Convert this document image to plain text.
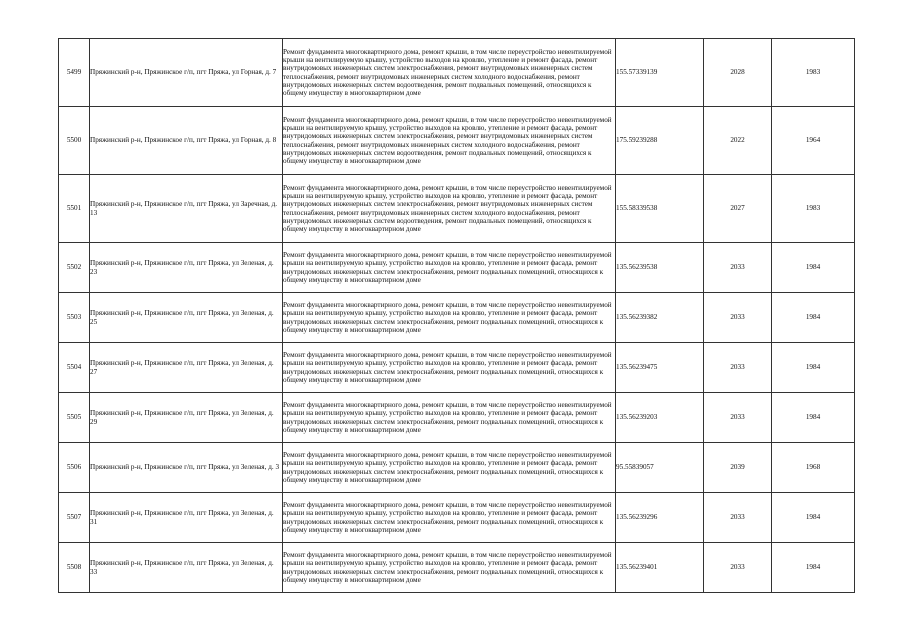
5499	Пряжинский р-н, Пряжинское г/п, пгт Пряжа, ул Горная, д. 7	Ремонт фундамента многоквартирного дома, ремонт крыши, в том числе переустройство невентилируемой крыши на вентилируемую крышу, устройство выходов на кровлю, утепление и ремонт фасада, ремонт внутридомовых инженерных систем электроснабжения, ремонт внутридомовых инженерных систем теплоснабжения, ремонт внутридомовых инженерных систем холодного водоснабжения, ремонт внутридомовых инженерных систем водоотведения, ремонт подвальных помещений, относящихся к общему имуществу в многоквартирном доме	155.57339139	2028	1983
5500	Пряжинский р-н, Пряжинское г/п, пгт Пряжа, ул Горная, д. 8	Ремонт фундамента многоквартирного дома, ремонт крыши, в том числе переустройство невентилируемой крыши на вентилируемую крышу, устройство выходов на кровлю, утепление и ремонт фасада, ремонт внутридомовых инженерных систем электроснабжения, ремонт внутридомовых инженерных систем теплоснабжения, ремонт внутридомовых инженерных систем холодного водоснабжения, ремонт внутридомовых инженерных систем водоотведения, ремонт подвальных помещений, относящихся к общему имуществу в многоквартирном доме	175.59239288	2022	1964
5501	Пряжинский р-н, Пряжинское г/п, пгт Пряжа, ул Заречная, д. 13	Ремонт фундамента многоквартирного дома, ремонт крыши, в том числе переустройство невентилируемой крыши на вентилируемую крышу, устройство выходов на кровлю, утепление и ремонт фасада, ремонт внутридомовых инженерных систем электроснабжения, ремонт внутридомовых инженерных систем теплоснабжения, ремонт внутридомовых инженерных систем холодного водоснабжения, ремонт внутридомовых инженерных систем водоотведения, ремонт подвальных помещений, относящихся к общему имуществу в многоквартирном доме	155.58339538	2027	1983
5502	Пряжинский р-н, Пряжинское г/п, пгт Пряжа, ул Зеленая, д. 23	Ремонт фундамента многоквартирного дома, ремонт крыши, в том числе переустройство невентилируемой крыши на вентилируемую крышу, устройство выходов на кровлю, утепление и ремонт фасада, ремонт внутридомовых инженерных систем электроснабжения, ремонт подвальных помещений, относящихся к общему имуществу в многоквартирном доме	135.56239538	2033	1984
5503	Пряжинский р-н, Пряжинское г/п, пгт Пряжа, ул Зеленая, д. 25	Ремонт фундамента многоквартирного дома, ремонт крыши, в том числе переустройство невентилируемой крыши на вентилируемую крышу, устройство выходов на кровлю, утепление и ремонт фасада, ремонт внутридомовых инженерных систем электроснабжения, ремонт подвальных помещений, относящихся к общему имуществу в многоквартирном доме	135.56239382	2033	1984
5504	Пряжинский р-н, Пряжинское г/п, пгт Пряжа, ул Зеленая, д. 27	Ремонт фундамента многоквартирного дома, ремонт крыши, в том числе переустройство невентилируемой крыши на вентилируемую крышу, устройство выходов на кровлю, утепление и ремонт фасада, ремонт внутридомовых инженерных систем электроснабжения, ремонт подвальных помещений, относящихся к общему имуществу в многоквартирном доме	135.56239475	2033	1984
5505	Пряжинский р-н, Пряжинское г/п, пгт Пряжа, ул Зеленая, д. 29	Ремонт фундамента многоквартирного дома, ремонт крыши, в том числе переустройство невентилируемой крыши на вентилируемую крышу, устройство выходов на кровлю, утепление и ремонт фасада, ремонт внутридомовых инженерных систем электроснабжения, ремонт подвальных помещений, относящихся к общему имуществу в многоквартирном доме	135.56239203	2033	1984
5506	Пряжинский р-н, Пряжинское г/п, пгт Пряжа, ул Зеленая, д. 3	Ремонт фундамента многоквартирного дома, ремонт крыши, в том числе переустройство невентилируемой крыши на вентилируемую крышу, устройство выходов на кровлю, утепление и ремонт фасада, ремонт внутридомовых инженерных систем электроснабжения, ремонт подвальных помещений, относящихся к общему имуществу в многоквартирном доме	95.55839057	2039	1968
5507	Пряжинский р-н, Пряжинское г/п, пгт Пряжа, ул Зеленая, д. 31	Ремонт фундамента многоквартирного дома, ремонт крыши, в том числе переустройство невентилируемой крыши на вентилируемую крышу, устройство выходов на кровлю, утепление и ремонт фасада, ремонт внутридомовых инженерных систем электроснабжения, ремонт подвальных помещений, относящихся к общему имуществу в многоквартирном доме	135.56239296	2033	1984
5508	Пряжинский р-н, Пряжинское г/п, пгт Пряжа, ул Зеленая, д. 33	Ремонт фундамента многоквартирного дома, ремонт крыши, в том числе переустройство невентилируемой крыши на вентилируемую крышу, устройство выходов на кровлю, утепление и ремонт фасада, ремонт внутридомовых инженерных систем электроснабжения, ремонт подвальных помещений, относящихся к общему имуществу в многоквартирном доме	135.56239401	2033	1984
